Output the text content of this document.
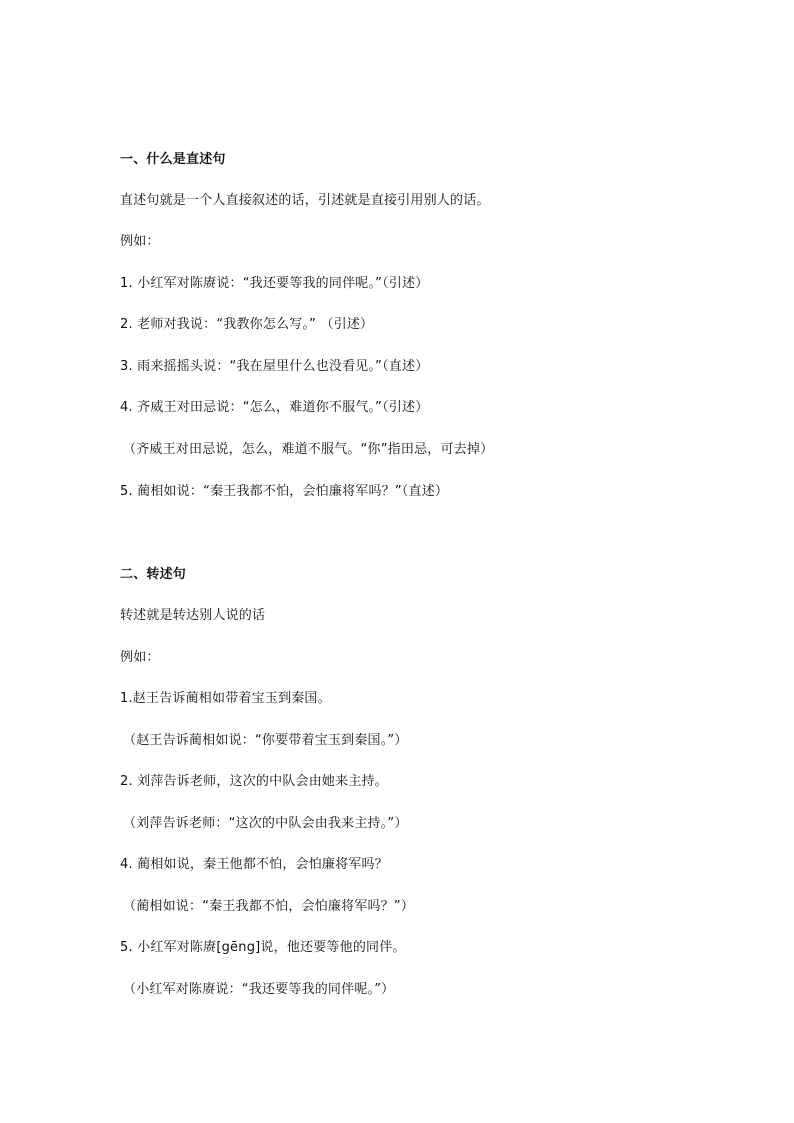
一、什么是直述句
直述句就是一个人直接叙述的话，引述就是直接引用别人的话。
例如：
1. 小红军对陈赓说：“我还要等我的同伴呢。”（引述）
2. 老师对我说：“我教你怎么写。” （引述）
3. 雨来摇摇头说：“我在屋里什么也没看见。”（直述）
4. 齐威王对田忌说：“怎么，难道你不服气。”（引述）
（齐威王对田忌说，怎么，难道不服气。“你”指田忌，可去掉）
5. 蔺相如说：“秦王我都不怕，会怕廉将军吗？”（直述）
二、转述句
转述就是转达别人说的话
例如：
1.赵王告诉蔺相如带着宝玉到秦国。
（赵王告诉蔺相如说：“你要带着宝玉到秦国。”）
2. 刘萍告诉老师，这次的中队会由她来主持。
（刘萍告诉老师：“这次的中队会由我来主持。”）
4. 蔺相如说，秦王他都不怕，会怕廉将军吗？
（蔺相如说：“秦王我都不怕，会怕廉将军吗？”）
5. 小红军对陈赓[gēng]说，他还要等他的同伴。
（小红军对陈赓说：“我还要等我的同伴呢。”）
